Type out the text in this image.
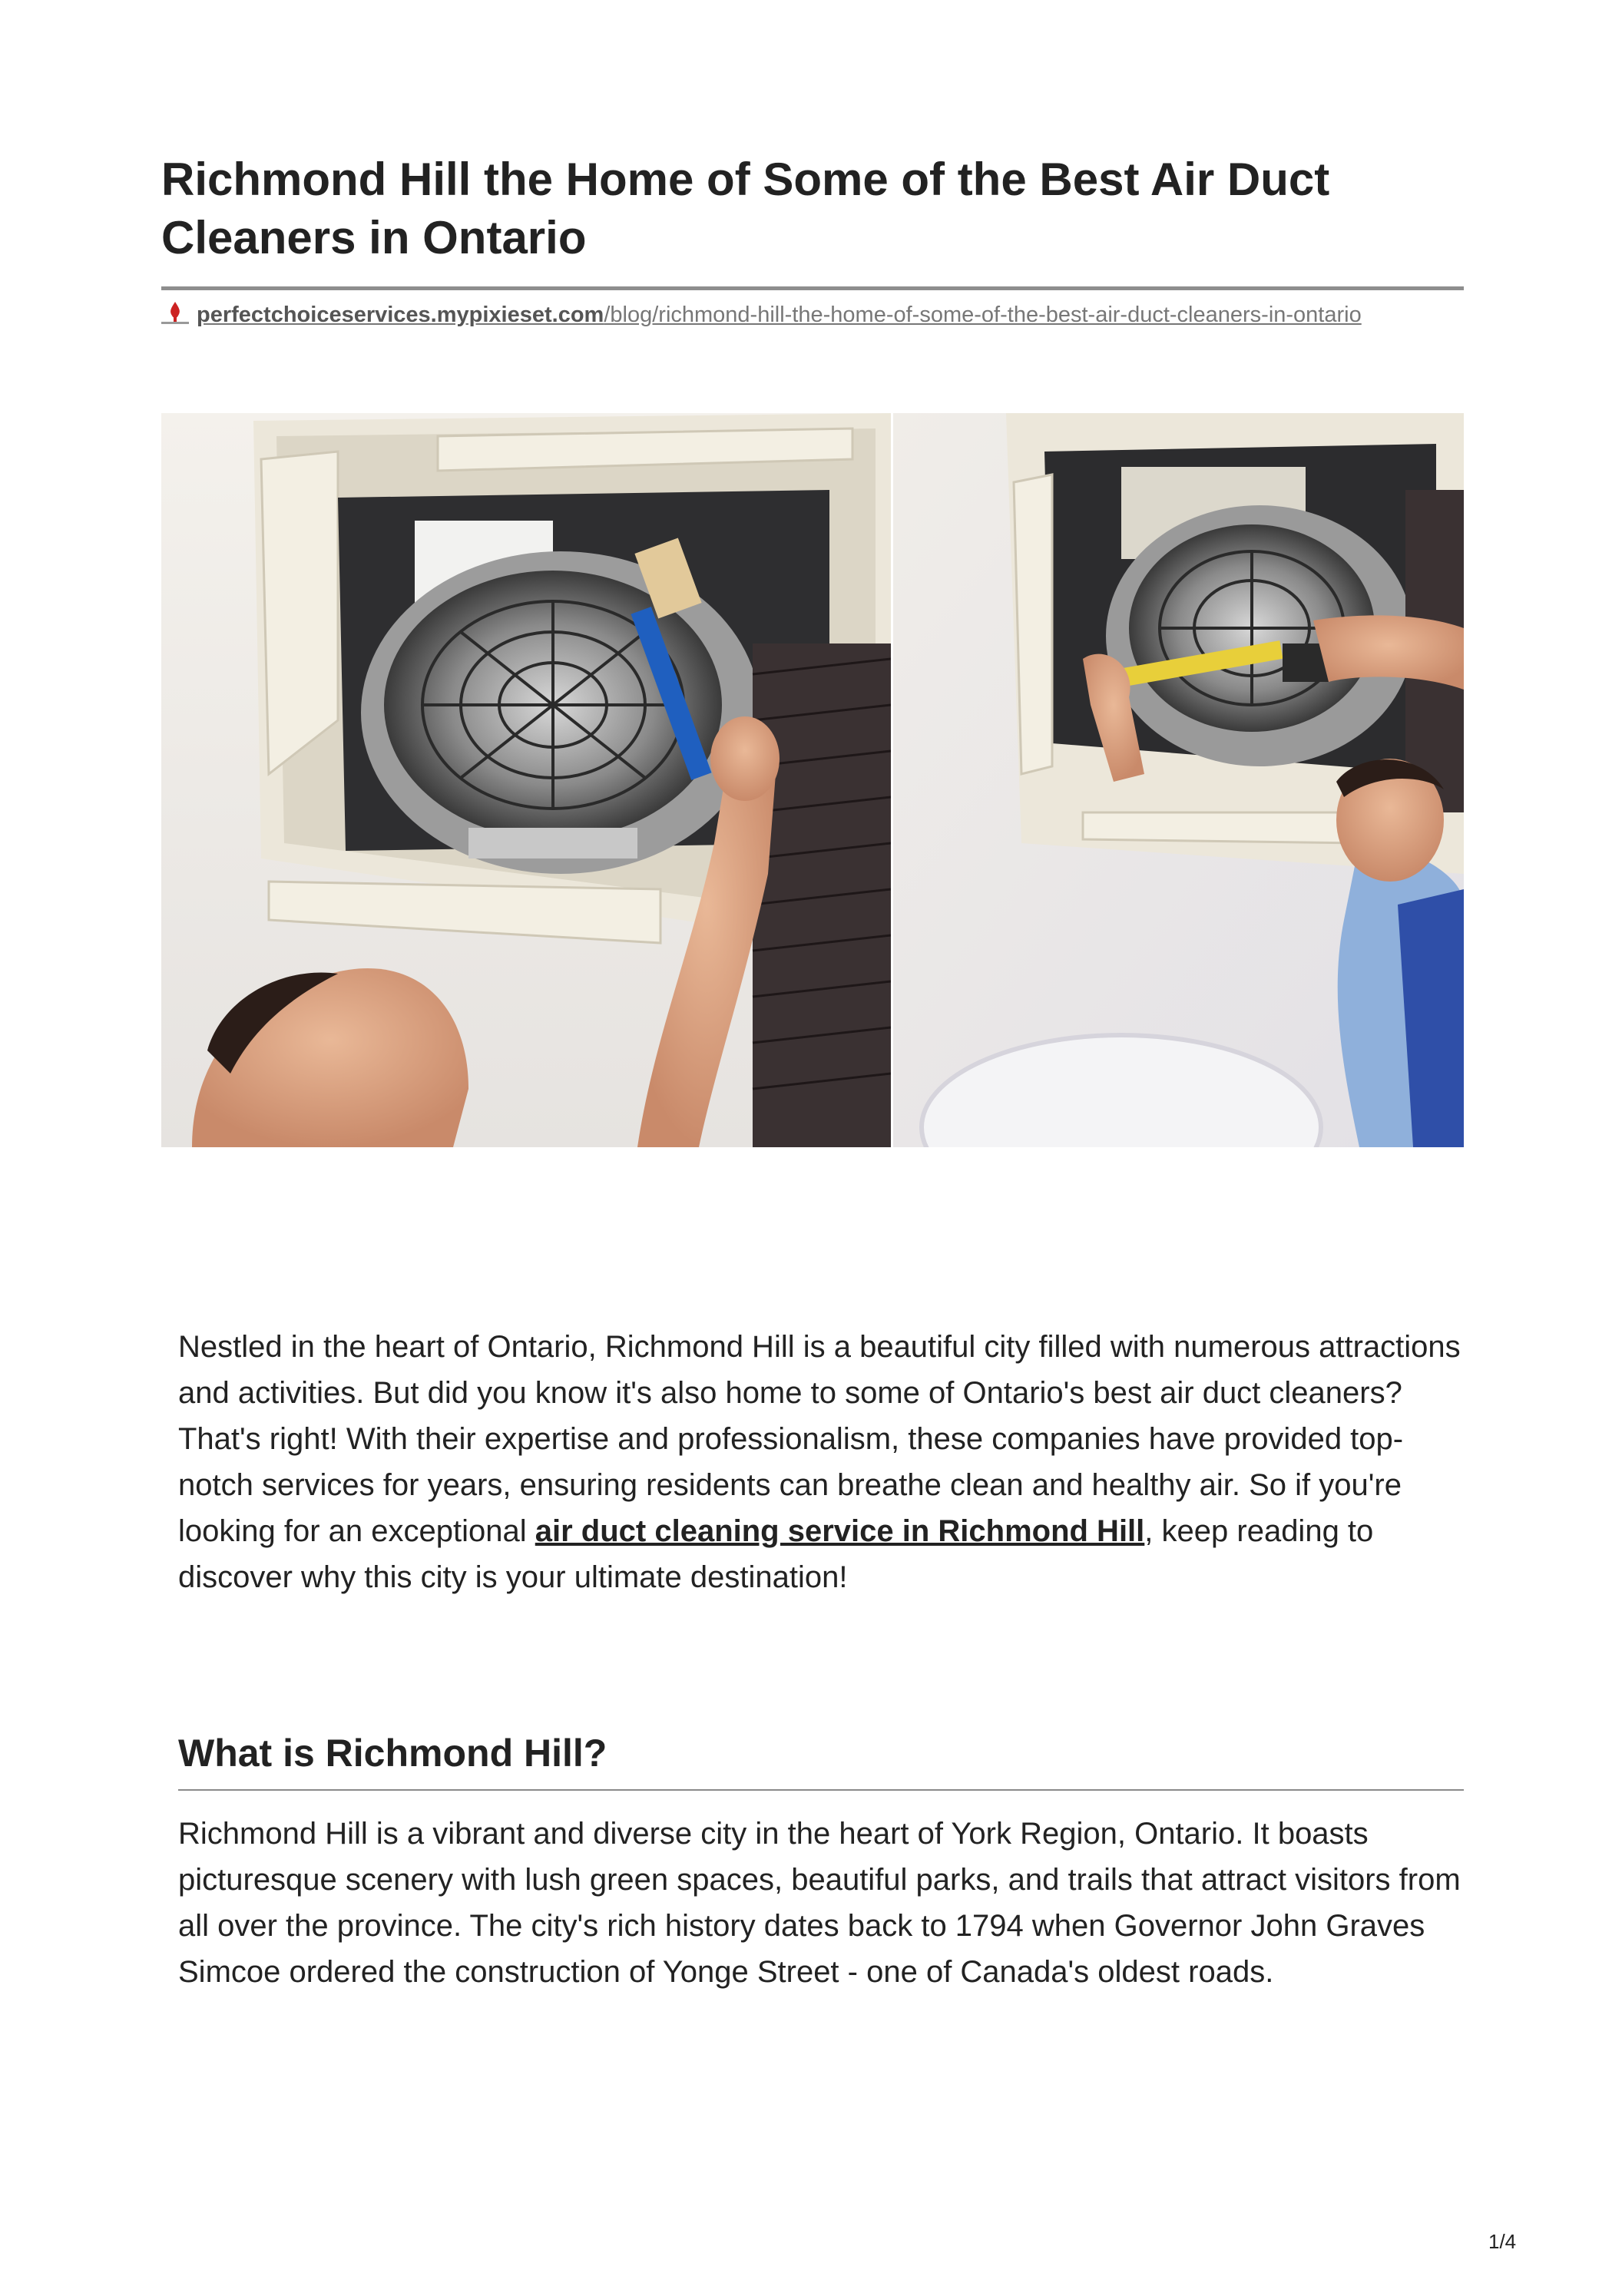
Richmond Hill the Home of Some of the Best Air Duct Cleaners in Ontario
perfectchoiceservices.mypixieset.com/blog/richmond-hill-the-home-of-some-of-the-best-air-duct-cleaners-in-ontario

Nestled in the heart of Ontario, Richmond Hill is a beautiful city filled with numerous attractions and activities. But did you know it's also home to some of Ontario's best air duct cleaners? That's right! With their expertise and professionalism, these companies have provided top-notch services for years, ensuring residents can breathe clean and healthy air. So if you're looking for an exceptional air duct cleaning service in Richmond Hill, keep reading to discover why this city is your ultimate destination!

What is Richmond Hill?

Richmond Hill is a vibrant and diverse city in the heart of York Region, Ontario. It boasts picturesque scenery with lush green spaces, beautiful parks, and trails that attract visitors from all over the province. The city's rich history dates back to 1794 when Governor John Graves Simcoe ordered the construction of Yonge Street - one of Canada's oldest roads.

1/4
